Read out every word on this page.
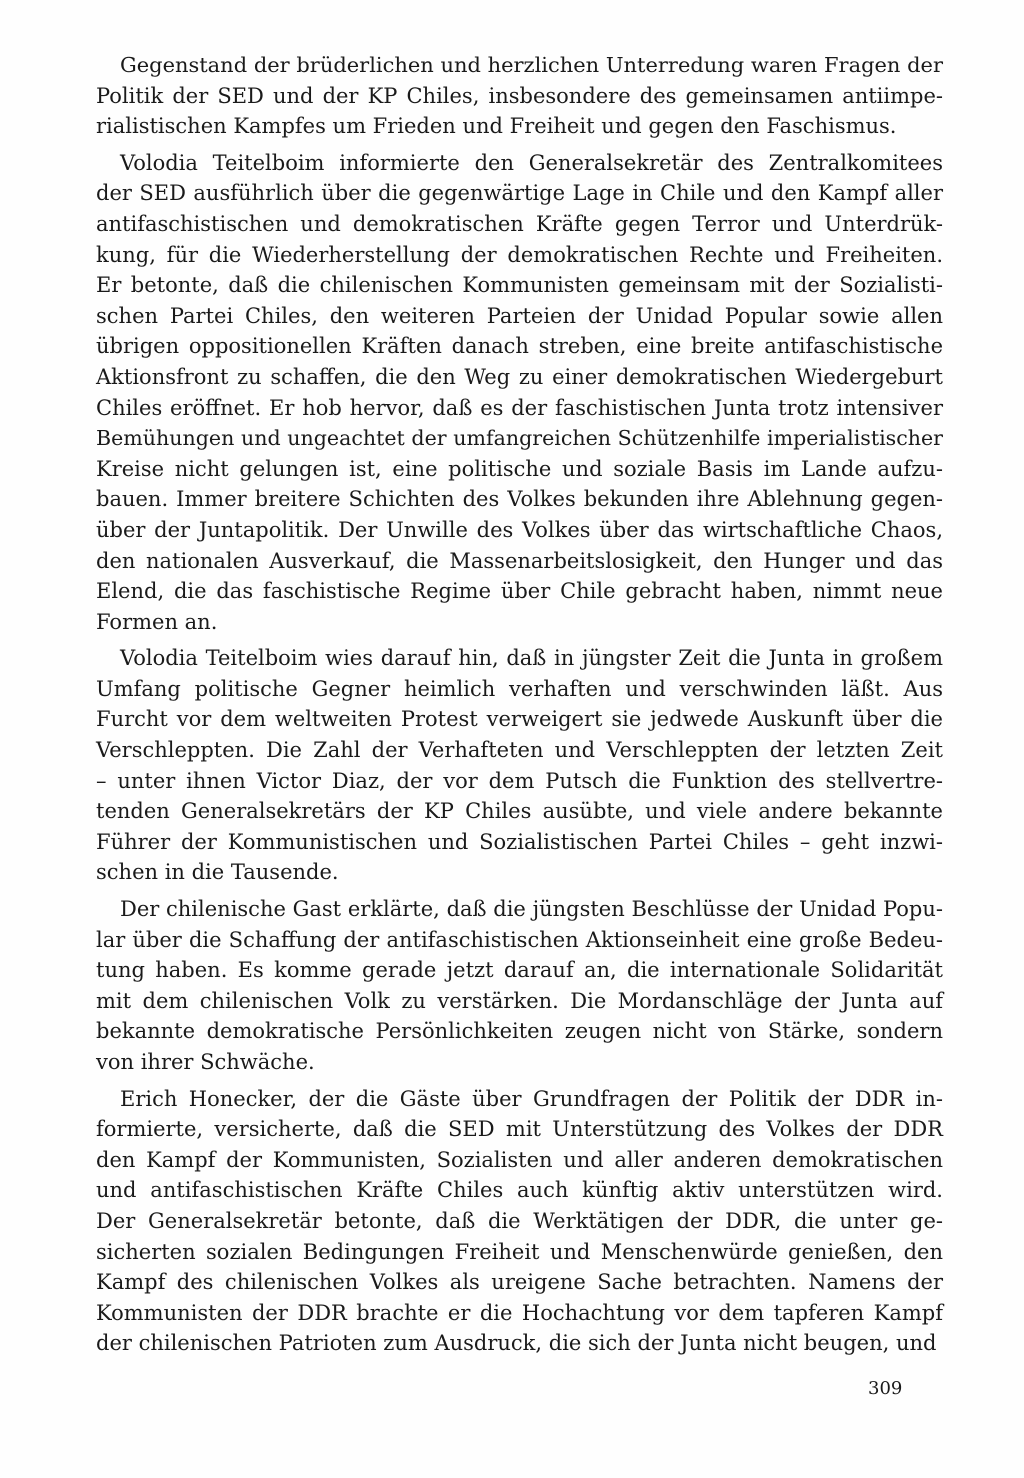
Gegenstand der brüderlichen und herzlichen Unterredung waren Fragen der
Politik der SED und der KP Chiles, insbesondere des gemeinsamen antiimpe-
rialistischen Kampfes um Frieden und Freiheit und gegen den Faschismus.
Volodia Teitelboim informierte den Generalsekretär des Zentralkomitees
der SED ausführlich über die gegenwärtige Lage in Chile und den Kampf aller
antifaschistischen und demokratischen Kräfte gegen Terror und Unterdrük-
kung, für die Wiederherstellung der demokratischen Rechte und Freiheiten.
Er betonte, daß die chilenischen Kommunisten gemeinsam mit der Sozialisti-
schen Partei Chiles, den weiteren Parteien der Unidad Popular sowie allen
übrigen oppositionellen Kräften danach streben, eine breite antifaschistische
Aktionsfront zu schaffen, die den Weg zu einer demokratischen Wiedergeburt
Chiles eröffnet. Er hob hervor, daß es der faschistischen Junta trotz intensiver
Bemühungen und ungeachtet der umfangreichen Schützenhilfe imperialistischer
Kreise nicht gelungen ist, eine politische und soziale Basis im Lande aufzu-
bauen. Immer breitere Schichten des Volkes bekunden ihre Ablehnung gegen-
über der Juntapolitik. Der Unwille des Volkes über das wirtschaftliche Chaos,
den nationalen Ausverkauf, die Massenarbeitslosigkeit, den Hunger und das
Elend, die das faschistische Regime über Chile gebracht haben, nimmt neue
Formen an.
Volodia Teitelboim wies darauf hin, daß in jüngster Zeit die Junta in großem
Umfang politische Gegner heimlich verhaften und verschwinden läßt. Aus
Furcht vor dem weltweiten Protest verweigert sie jedwede Auskunft über die
Verschleppten. Die Zahl der Verhafteten und Verschleppten der letzten Zeit
– unter ihnen Victor Diaz, der vor dem Putsch die Funktion des stellvertre-
tenden Generalsekretärs der KP Chiles ausübte, und viele andere bekannte
Führer der Kommunistischen und Sozialistischen Partei Chiles – geht inzwi-
schen in die Tausende.
Der chilenische Gast erklärte, daß die jüngsten Beschlüsse der Unidad Popu-
lar über die Schaffung der antifaschistischen Aktionseinheit eine große Bedeu-
tung haben. Es komme gerade jetzt darauf an, die internationale Solidarität
mit dem chilenischen Volk zu verstärken. Die Mordanschläge der Junta auf
bekannte demokratische Persönlichkeiten zeugen nicht von Stärke, sondern
von ihrer Schwäche.
Erich Honecker, der die Gäste über Grundfragen der Politik der DDR in-
formierte, versicherte, daß die SED mit Unterstützung des Volkes der DDR
den Kampf der Kommunisten, Sozialisten und aller anderen demokratischen
und antifaschistischen Kräfte Chiles auch künftig aktiv unterstützen wird.
Der Generalsekretär betonte, daß die Werktätigen der DDR, die unter ge-
sicherten sozialen Bedingungen Freiheit und Menschenwürde genießen, den
Kampf des chilenischen Volkes als ureigene Sache betrachten. Namens der
Kommunisten der DDR brachte er die Hochachtung vor dem tapferen Kampf
der chilenischen Patrioten zum Ausdruck, die sich der Junta nicht beugen, und
309
